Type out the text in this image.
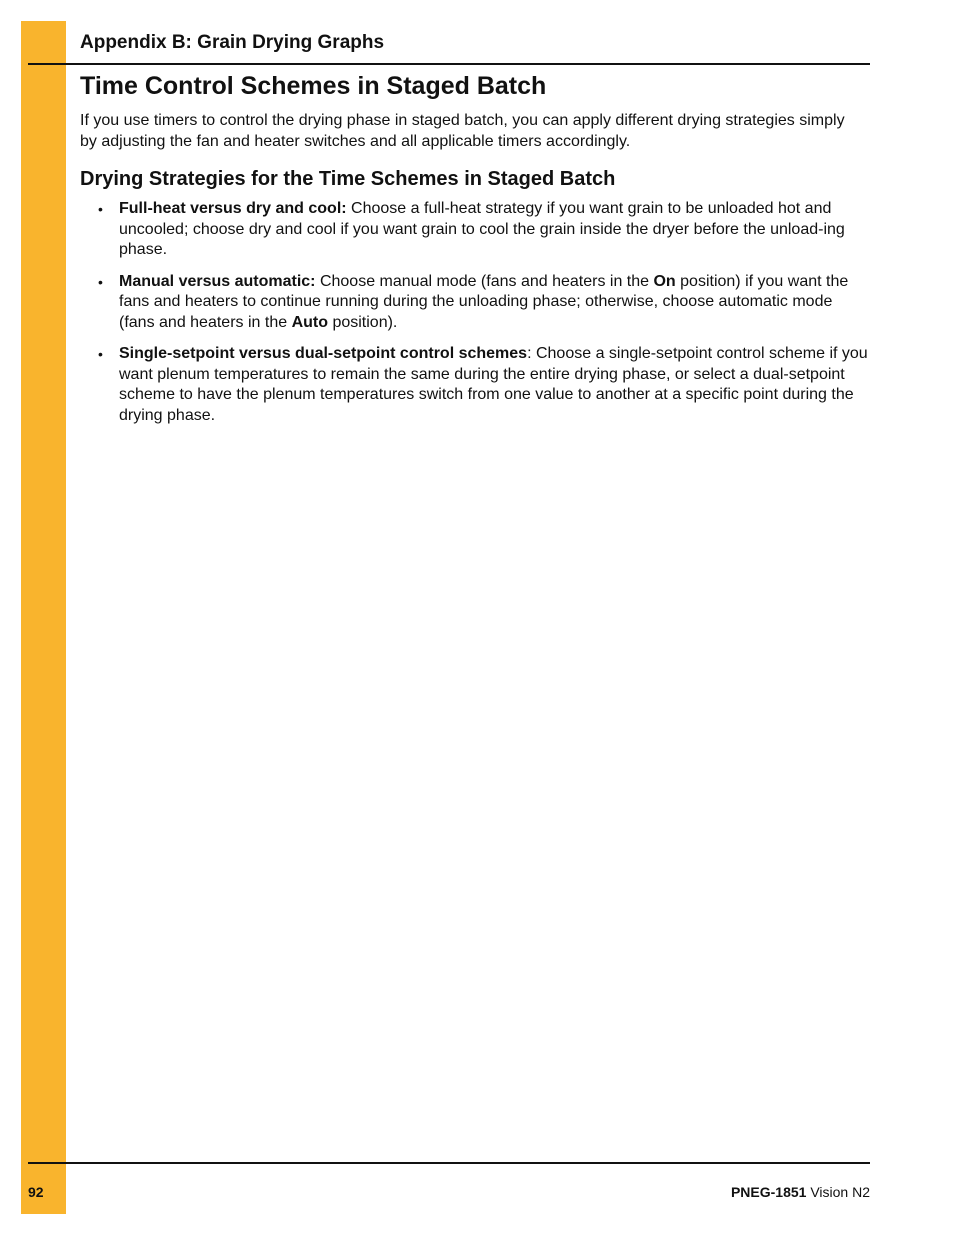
Appendix B: Grain Drying Graphs
Time Control Schemes in Staged Batch

If you use timers to control the drying phase in staged batch, you can apply different drying strategies simply by adjusting the fan and heater switches and all applicable timers accordingly.

Drying Strategies for the Time Schemes in Staged Batch
• Full-heat versus dry and cool: Choose a full-heat strategy if you want grain to be unloaded hot and uncooled; choose dry and cool if you want grain to cool the grain inside the dryer before the unload-ing phase.
• Manual versus automatic: Choose manual mode (fans and heaters in the On position) if you want the fans and heaters to continue running during the unloading phase; otherwise, choose automatic mode (fans and heaters in the Auto position).
• Single-setpoint versus dual-setpoint control schemes: Choose a single-setpoint control scheme if you want plenum temperatures to remain the same during the entire drying phase, or select a dual-setpoint scheme to have the plenum temperatures switch from one value to another at a specific point during the drying phase.
92	PNEG-1851 Vision N2
